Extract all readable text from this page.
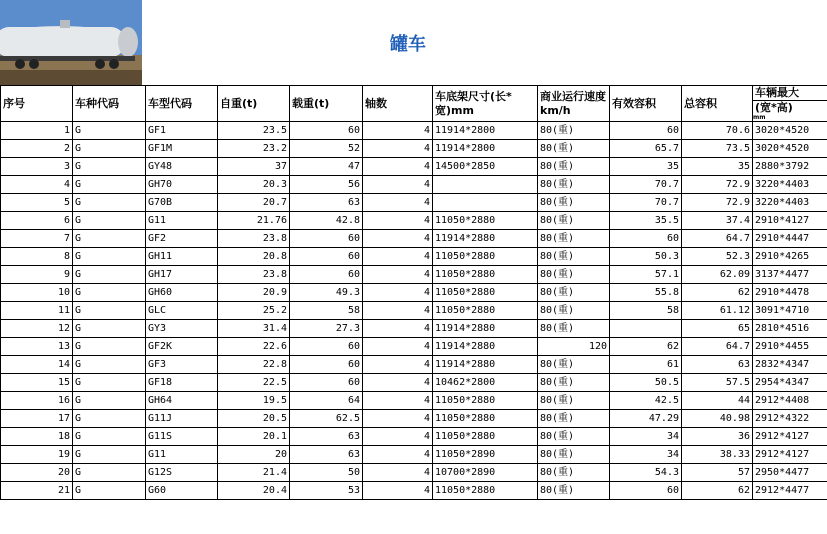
罐车
序号	车种代码	车型代码	自重(t)	载重(t)	轴数	车底架尺寸(长*宽)mm	商业运行速度km/h	有效容积	总容积	车辆最大
(宽*高)
mm

1	G	GF1	23.5	60	4	11914*2800	80(重)	60	70.6	3020*4520
2	G	GF1M	23.2	52	4	11914*2800	80(重)	65.7	73.5	3020*4520
3	G	GY48	37	47	4	14500*2850	80(重)	35	35	2880*3792
4	G	GH70	20.3	56	4		80(重)	70.7	72.9	3220*4403
5	G	G70B	20.7	63	4		80(重)	70.7	72.9	3220*4403
6	G	G11	21.76	42.8	4	11050*2880	80(重)	35.5	37.4	2910*4127
7	G	GF2	23.8	60	4	11914*2880	80(重)	60	64.7	2910*4447
8	G	GH11	20.8	60	4	11050*2880	80(重)	50.3	52.3	2910*4265
9	G	GH17	23.8	60	4	11050*2880	80(重)	57.1	62.09	3137*4477
10	G	GH60	20.9	49.3	4	11050*2880	80(重)	55.8	62	2910*4478
11	G	GLC	25.2	58	4	11050*2880	80(重)	58	61.12	3091*4710
12	G	GY3	31.4	27.3	4	11914*2880	80(重)		65	2810*4516
13	G	GF2K	22.6	60	4	11914*2880	120	62	64.7	2910*4455
14	G	GF3	22.8	60	4	11914*2880	80(重)	61	63	2832*4347
15	G	GF18	22.5	60	4	10462*2800	80(重)	50.5	57.5	2954*4347
16	G	GH64	19.5	64	4	11050*2880	80(重)	42.5	44	2912*4408
17	G	G11J	20.5	62.5	4	11050*2880	80(重)	47.29	40.98	2912*4322
18	G	G11S	20.1	63	4	11050*2880	80(重)	34	36	2912*4127
19	G	G11	20	63	4	11050*2890	80(重)	34	38.33	2912*4127
20	G	G12S	21.4	50	4	10700*2890	80(重)	54.3	57	2950*4477
21	G	G60	20.4	53	4	11050*2880	80(重)	60	62	2912*4477
